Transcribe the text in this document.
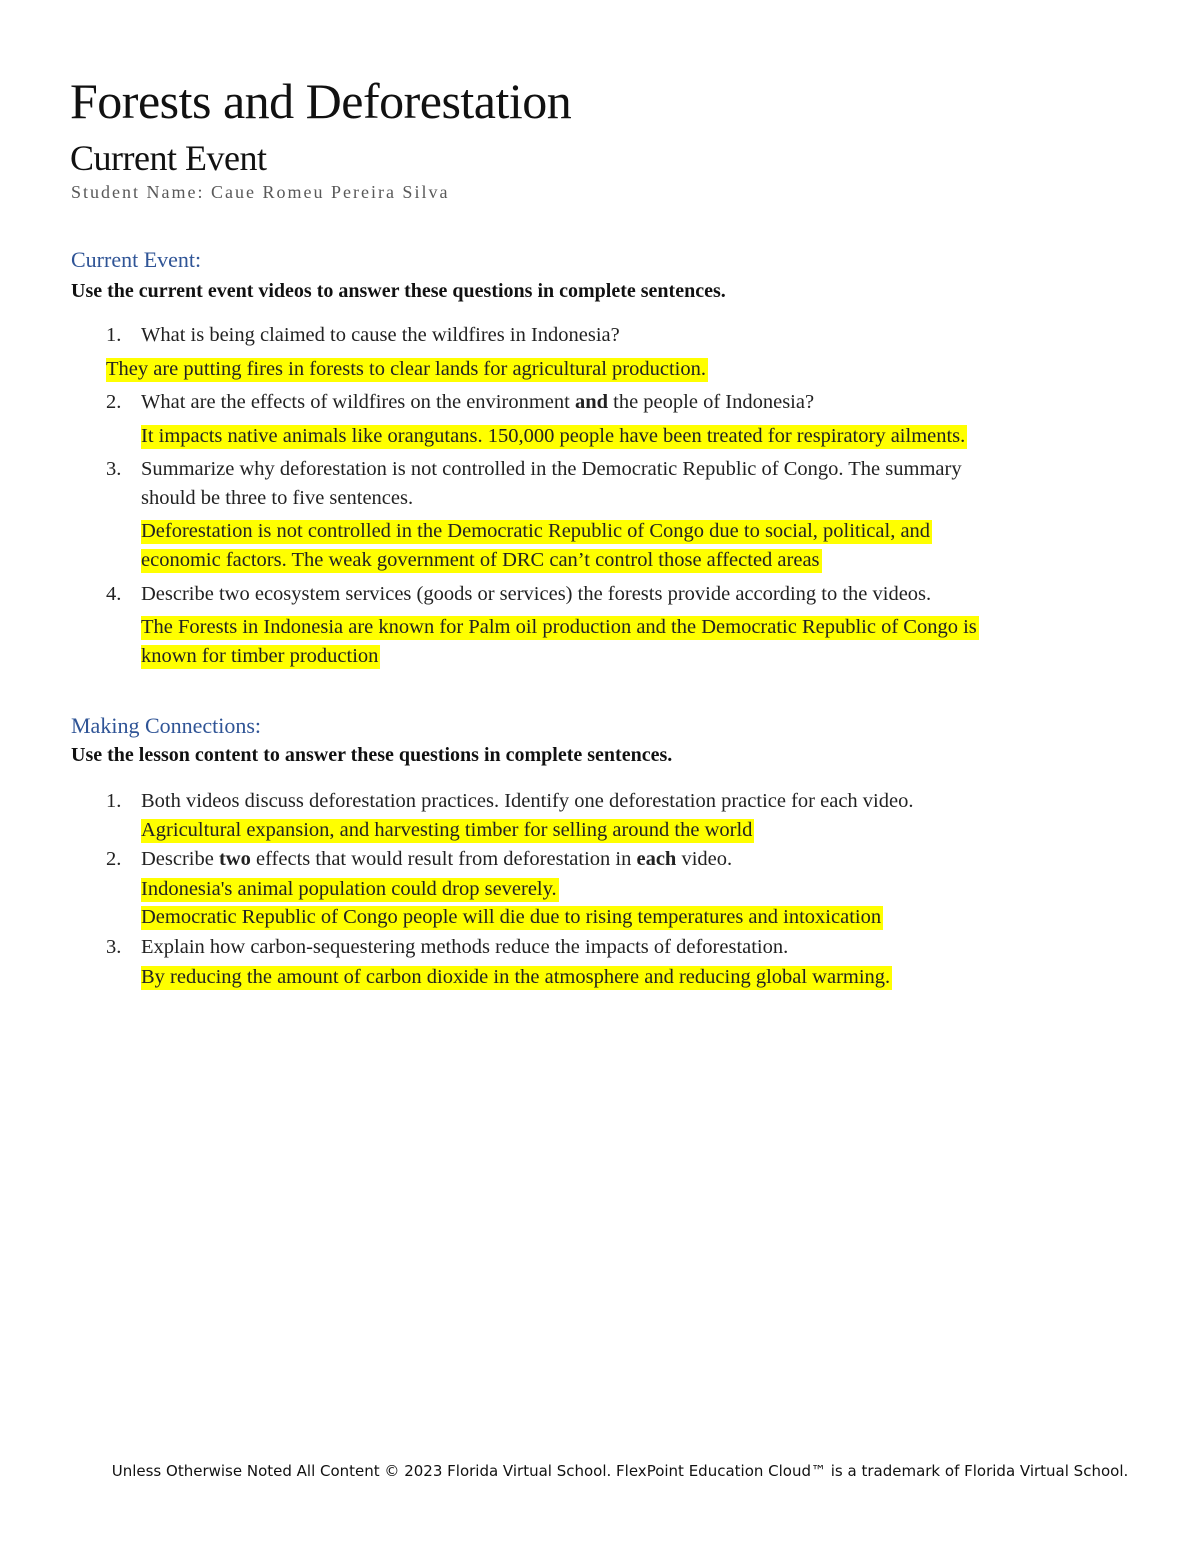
Forests and Deforestation
Current Event
Student Name: Caue Romeu Pereira Silva
Current Event:
Use the current event videos to answer these questions in complete sentences.
1. What is being claimed to cause the wildfires in Indonesia?
They are putting fires in forests to clear lands for agricultural production.
2. What are the effects of wildfires on the environment and the people of Indonesia?
It impacts native animals like orangutans. 150,000 people have been treated for respiratory ailments.
3. Summarize why deforestation is not controlled in the Democratic Republic of Congo. The summary
should be three to five sentences.
Deforestation is not controlled in the Democratic Republic of Congo due to social, political, and
economic factors. The weak government of DRC can’t control those affected areas
4. Describe two ecosystem services (goods or services) the forests provide according to the videos.
The Forests in Indonesia are known for Palm oil production and the Democratic Republic of Congo is
known for timber production
Making Connections:
Use the lesson content to answer these questions in complete sentences.
1. Both videos discuss deforestation practices. Identify one deforestation practice for each video.
Agricultural expansion, and harvesting timber for selling around the world
2. Describe two effects that would result from deforestation in each video.
Indonesia's animal population could drop severely.
Democratic Republic of Congo people will die due to rising temperatures and intoxication
3. Explain how carbon-sequestering methods reduce the impacts of deforestation.
By reducing the amount of carbon dioxide in the atmosphere and reducing global warming.
Unless Otherwise Noted All Content © 2023 Florida Virtual School. FlexPoint Education Cloud™ is a trademark of Florida Virtual School.
